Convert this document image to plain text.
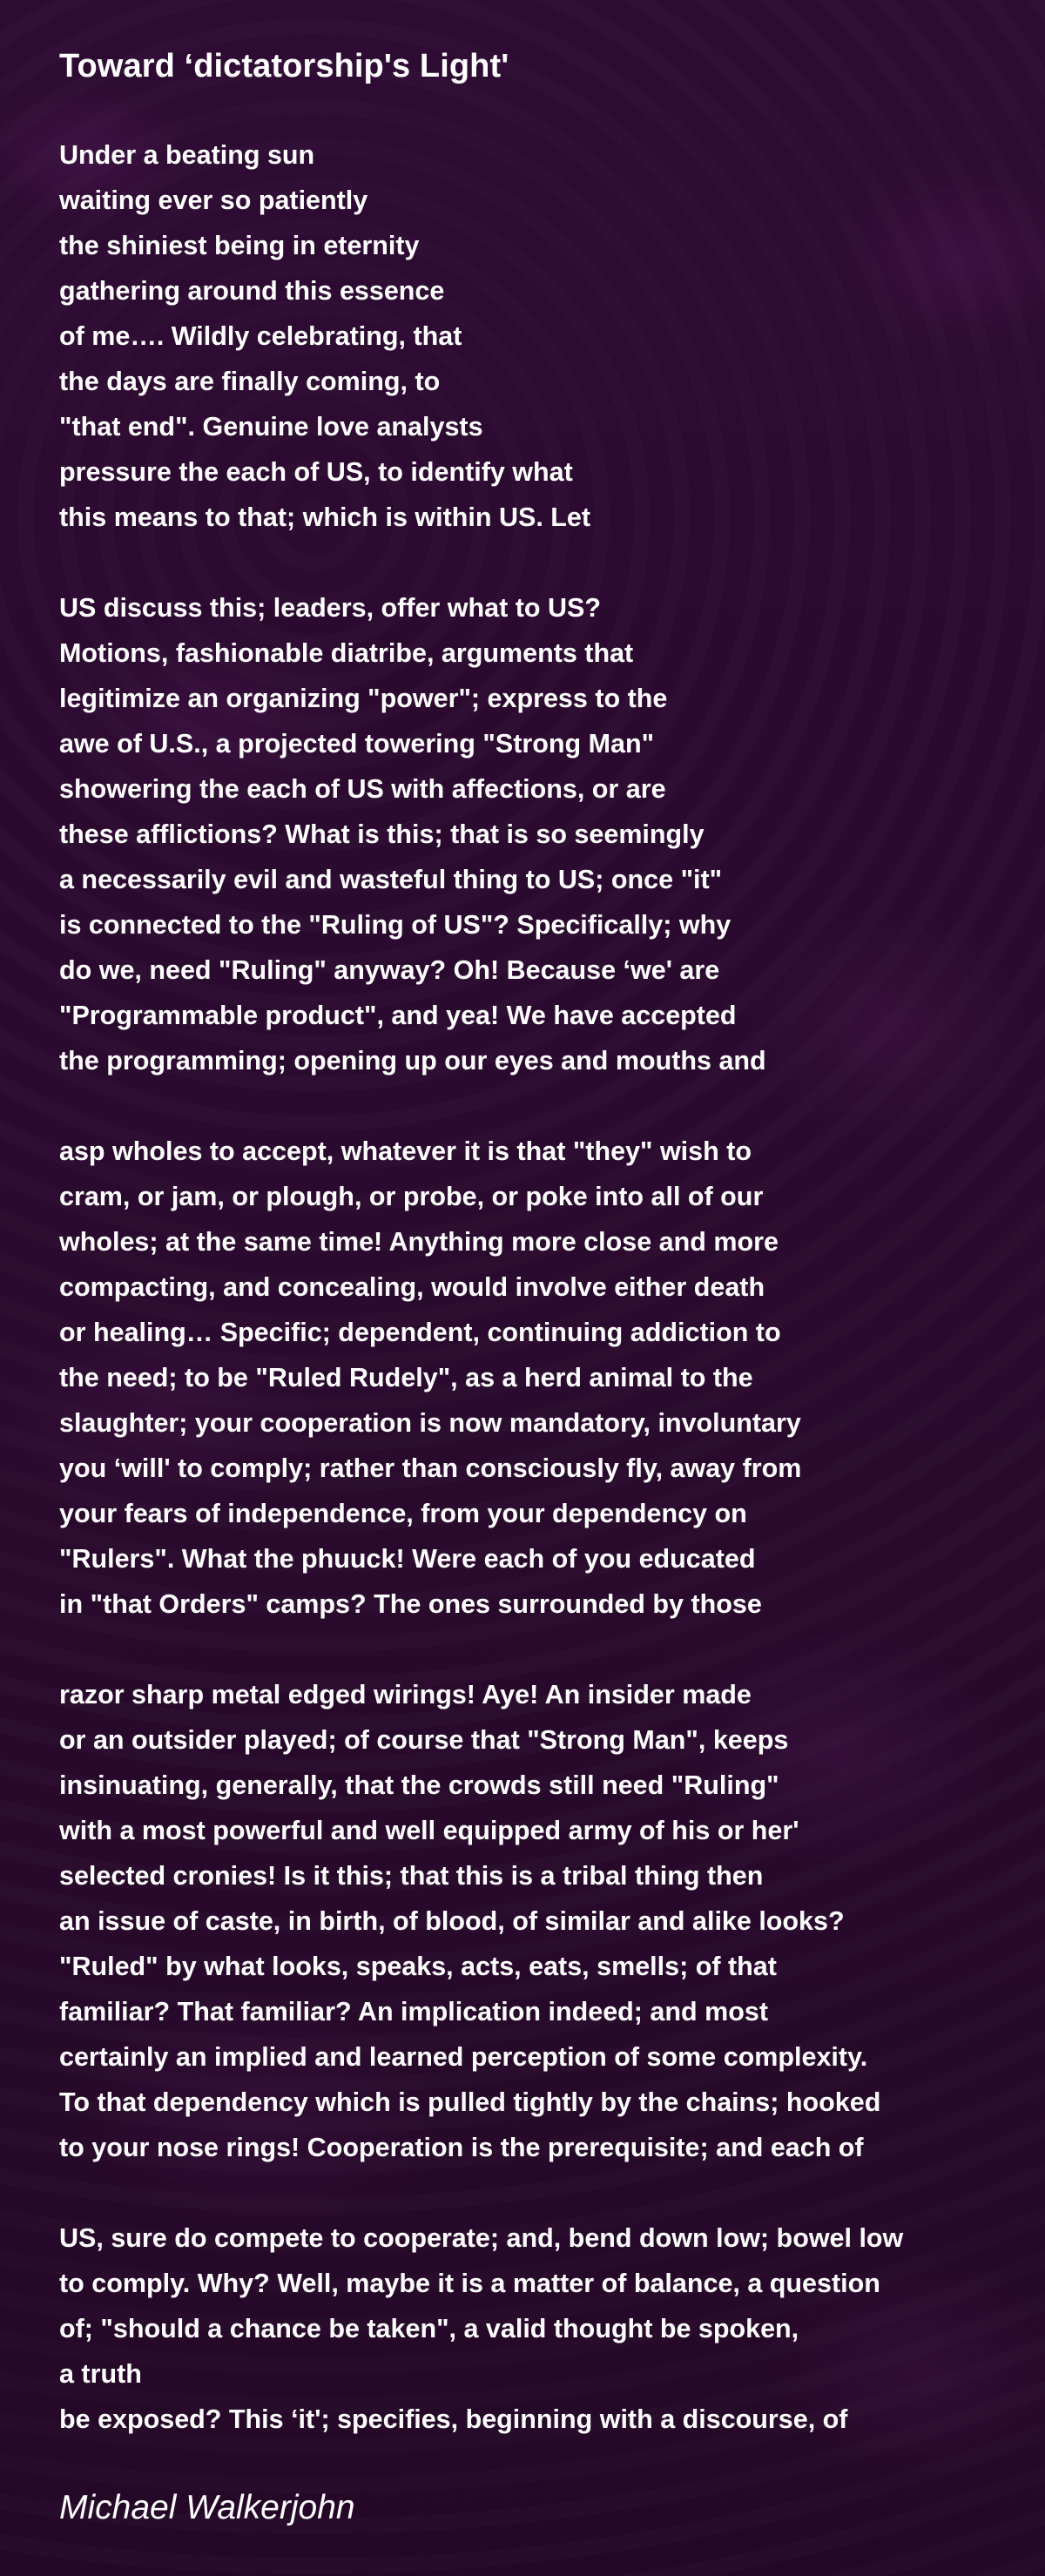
Toward ‘dictatorship's Light'
Under a beating sun
waiting ever so patiently
the shiniest being in eternity
gathering around this essence
of me…. Wildly celebrating, that
the days are finally coming, to
"that end". Genuine love analysts
pressure the each of US, to identify what
this means to that; which is within US. Let
US discuss this; leaders, offer what to US?
Motions, fashionable diatribe, arguments that
legitimize an organizing "power"; express to the
awe of U.S., a projected towering "Strong Man"
showering the each of US with affections, or are
these afflictions? What is this; that is so seemingly
a necessarily evil and wasteful thing to US; once "it"
is connected to the "Ruling of US"? Specifically; why
do we, need "Ruling" anyway? Oh! Because ‘we' are
"Programmable product", and yea! We have accepted
the programming; opening up our eyes and mouths and
asp wholes to accept, whatever it is that "they" wish to
cram, or jam, or plough, or probe, or poke into all of our
wholes; at the same time! Anything more close and more
compacting, and concealing, would involve either death
or healing… Specific; dependent, continuing addiction to
the need; to be "Ruled Rudely", as a herd animal to the
slaughter; your cooperation is now mandatory, involuntary
you ‘will' to comply; rather than consciously fly, away from
your fears of independence, from your dependency on
"Rulers". What the phuuck! Were each of you educated
in "that Orders" camps? The ones surrounded by those
razor sharp metal edged wirings! Aye! An insider made
or an outsider played; of course that "Strong Man", keeps
insinuating, generally, that the crowds still need "Ruling"
with a most powerful and well equipped army of his or her'
selected cronies! Is it this; that this is a tribal thing then
an issue of caste, in birth, of blood, of similar and alike looks?
"Ruled" by what looks, speaks, acts, eats, smells; of that
familiar? That familiar? An implication indeed; and most
certainly an implied and learned perception of some complexity.
To that dependency which is pulled tightly by the chains; hooked
to your nose rings! Cooperation is the prerequisite; and each of
US, sure do compete to cooperate; and, bend down low; bowel low
to comply. Why? Well, maybe it is a matter of balance, a question
of; "should a chance be taken", a valid thought be spoken,
a truth
be exposed? This ‘it'; specifies, beginning with a discourse, of
Michael Walkerjohn
